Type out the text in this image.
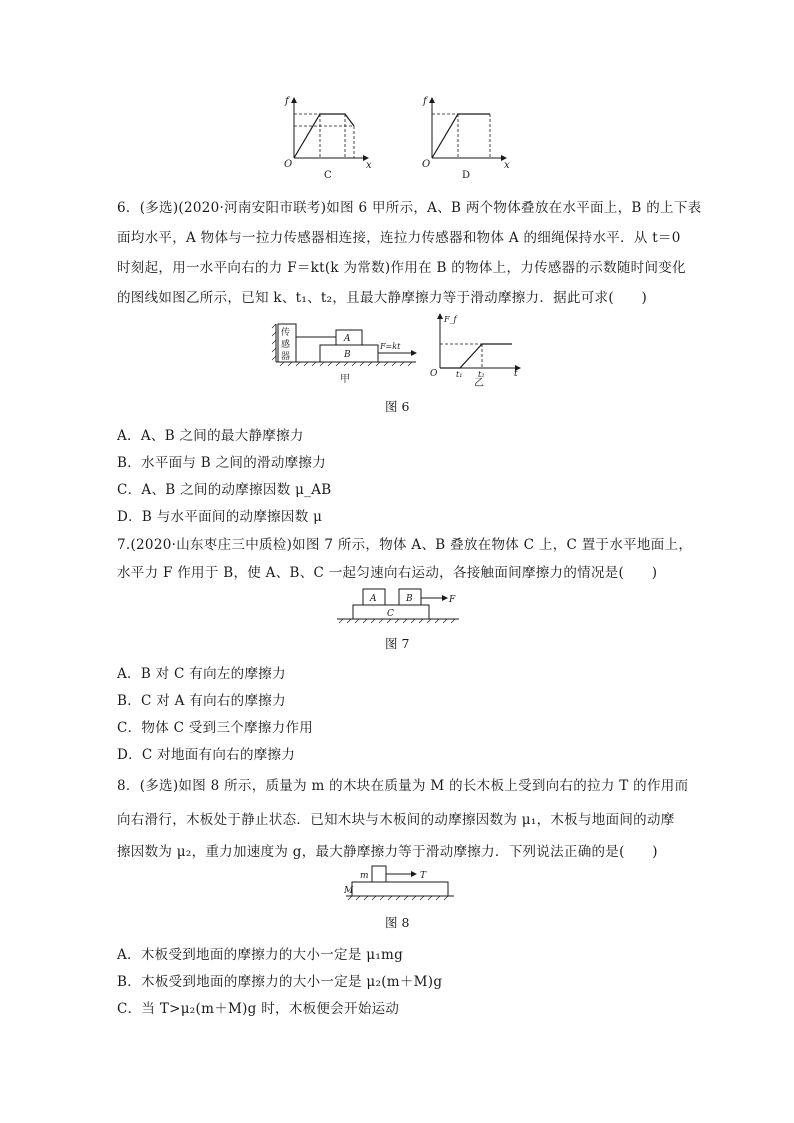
f
O	x
C
f
O	x
D
6．(多选)(2020·河南安阳市联考)如图 6 甲所示，A、B 两个物体叠放在水平面上，B 的上下表
面均水平，A 物体与一拉力传感器相连接，连拉力传感器和物体 A 的细绳保持水平．从 t＝0
时刻起，用一水平向右的力 F＝kt(k 为常数)作用在 B 的物体上，力传感器的示数随时间变化
的图线如图乙所示，已知 k、t₁、t₂，且最大静摩擦力等于滑动摩擦力．据此可求(　　)
传
感
器
A
B
F=kt
甲
F_f
O t₁ t₂	t
乙
图 6
A．A、B 之间的最大静摩擦力
B．水平面与 B 之间的滑动摩擦力
C．A、B 之间的动摩擦因数 μ_AB
D．B 与水平面间的动摩擦因数 μ
7.(2020·山东枣庄三中质检)如图 7 所示，物体 A、B 叠放在物体 C 上，C 置于水平地面上，
水平力 F 作用于 B，使 A、B、C 一起匀速向右运动，各接触面间摩擦力的情况是(　　)
A	B	F
C
图 7
A．B 对 C 有向左的摩擦力
B．C 对 A 有向右的摩擦力
C．物体 C 受到三个摩擦力作用
D．C 对地面有向右的摩擦力
8．(多选)如图 8 所示，质量为 m 的木块在质量为 M 的长木板上受到向右的拉力 T 的作用而
向右滑行，木板处于静止状态．已知木块与木板间的动摩擦因数为 μ₁，木板与地面间的动摩
擦因数为 μ₂，重力加速度为 g，最大静摩擦力等于滑动摩擦力．下列说法正确的是(　　)
m	T
M
图 8
A．木板受到地面的摩擦力的大小一定是 μ₁mg
B．木板受到地面的摩擦力的大小一定是 μ₂(m＋M)g
C．当 T>μ₂(m＋M)g 时，木板便会开始运动
